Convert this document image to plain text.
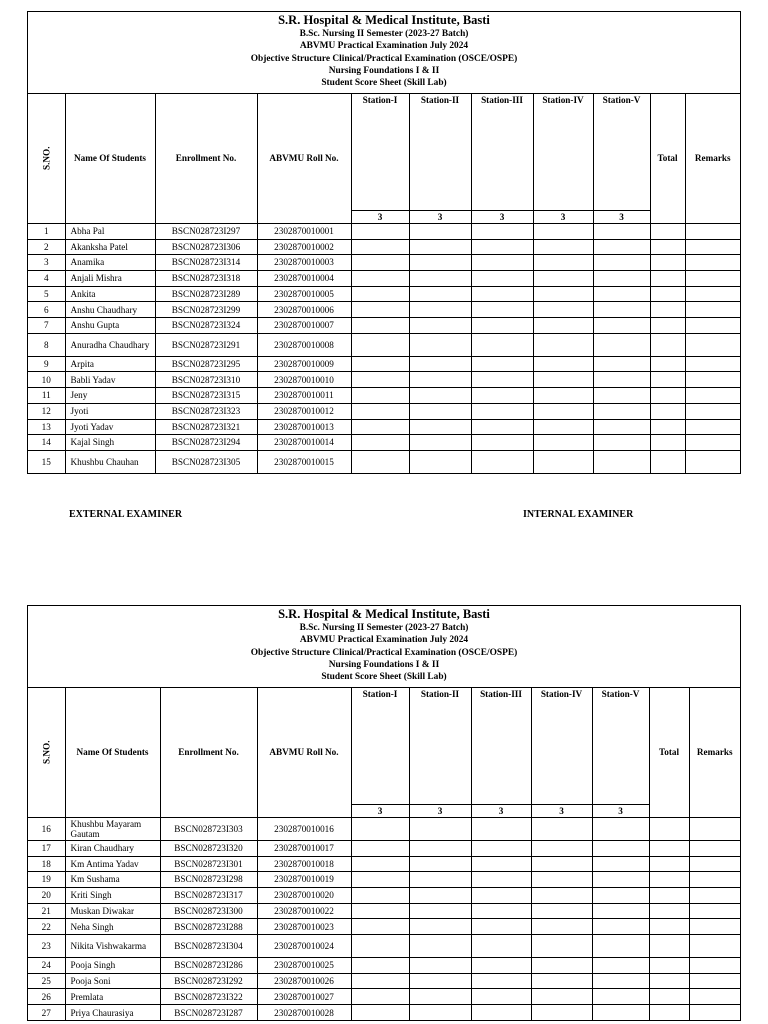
S.R. Hospital & Medical Institute, Basti
B.Sc. Nursing II Semester (2023-27 Batch)
ABVMU Practical Examination July 2024
Objective Structure Clinical/Practical Examination (OSCE/OSPE)
Nursing Foundations I & II
Student Score Sheet (Skill Lab)
S.NO.	Name Of Students	Enrollment No.	ABVMU Roll No.	Station-I	Station-II	Station-III	Station-IV	Station-V	Total	Remarks
				3	3	3	3	3		
1	Abha Pal	BSCN028723I297	2302870010001							
2	Akanksha Patel	BSCN028723I306	2302870010002							
3	Anamika	BSCN028723I314	2302870010003							
4	Anjali Mishra	BSCN028723I318	2302870010004							
5	Ankita	BSCN028723I289	2302870010005							
6	Anshu Chaudhary	BSCN028723I299	2302870010006							
7	Anshu Gupta	BSCN028723I324	2302870010007							
8	Anuradha Chaudhary	BSCN028723I291	2302870010008							
9	Arpita	BSCN028723I295	2302870010009							
10	Babli Yadav	BSCN028723I310	2302870010010							
11	Jeny	BSCN028723I315	2302870010011							
12	Jyoti	BSCN028723I323	2302870010012							
13	Jyoti Yadav	BSCN028723I321	2302870010013							
14	Kajal Singh	BSCN028723I294	2302870010014							
15	Khushbu Chauhan	BSCN028723I305	2302870010015							
EXTERNAL EXAMINER	INTERNAL EXAMINER
S.R. Hospital & Medical Institute, Basti
B.Sc. Nursing II Semester (2023-27 Batch)
ABVMU Practical Examination July 2024
Objective Structure Clinical/Practical Examination (OSCE/OSPE)
Nursing Foundations I & II
Student Score Sheet (Skill Lab)
S.NO.	Name Of Students	Enrollment No.	ABVMU Roll No.	Station-I	Station-II	Station-III	Station-IV	Station-V	Total	Remarks
				3	3	3	3	3		
16	Khushbu Mayaram Gautam	BSCN028723I303	2302870010016							
17	Kiran Chaudhary	BSCN028723I320	2302870010017							
18	Km Antima Yadav	BSCN028723I301	2302870010018							
19	Km Sushama	BSCN028723I298	2302870010019							
20	Kriti Singh	BSCN028723I317	2302870010020							
21	Muskan Diwakar	BSCN028723I300	2302870010022							
22	Neha Singh	BSCN028723I288	2302870010023							
23	Nikita Vishwakarma	BSCN028723I304	2302870010024							
24	Pooja Singh	BSCN028723I286	2302870010025							
25	Pooja Soni	BSCN028723I292	2302870010026							
26	Premlata	BSCN028723I322	2302870010027							
27	Priya Chaurasiya	BSCN028723I287	2302870010028							
